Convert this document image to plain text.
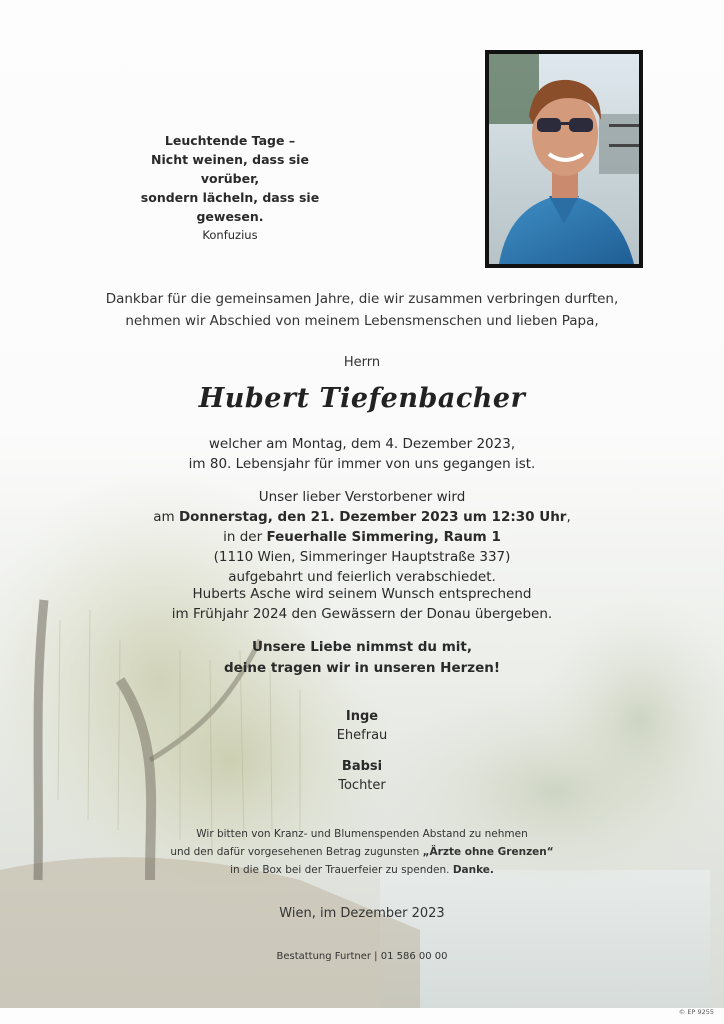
Leuchtende Tage –
Nicht weinen, dass sie vorüber,
sondern lächeln, dass sie gewesen.
Konfuzius
Dankbar für die gemeinsamen Jahre, die wir zusammen verbringen durften,
nehmen wir Abschied von meinem Lebensmenschen und lieben Papa,
Herrn
Hubert Tiefenbacher
welcher am Montag, dem 4. Dezember 2023,
im 80. Lebensjahr für immer von uns gegangen ist.
Unser lieber Verstorbener wird
am Donnerstag, den 21. Dezember 2023 um 12:30 Uhr,
in der Feuerhalle Simmering, Raum 1
(1110 Wien, Simmeringer Hauptstraße 337)
aufgebahrt und feierlich verabschiedet.
Huberts Asche wird seinem Wunsch entsprechend
im Frühjahr 2024 den Gewässern der Donau übergeben.
Unsere Liebe nimmst du mit,
deine tragen wir in unseren Herzen!
Inge
Ehefrau
Babsi
Tochter
Wir bitten von Kranz- und Blumenspenden Abstand zu nehmen
und den dafür vorgesehenen Betrag zugunsten „Ärzte ohne Grenzen“
in die Box bei der Trauerfeier zu spenden. Danke.
Wien, im Dezember 2023
Bestattung Furtner | 01 586 00 00
© EP 9255
